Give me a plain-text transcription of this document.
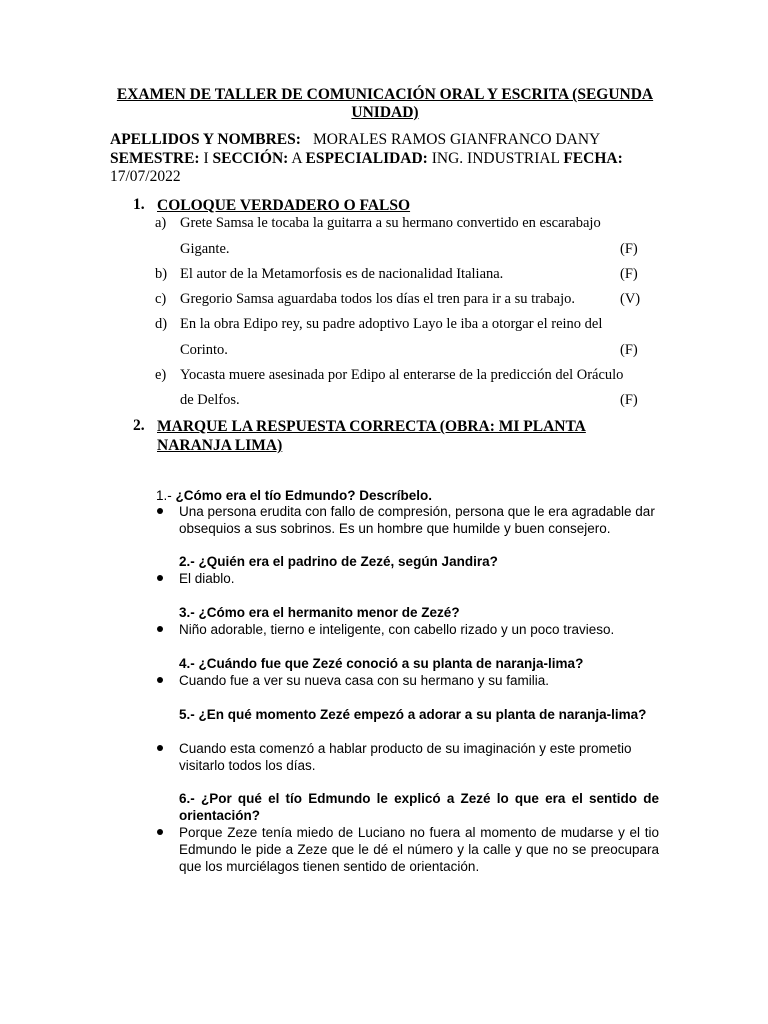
EXAMEN DE TALLER DE COMUNICACIÓN ORAL Y ESCRITA (SEGUNDA UNIDAD)
APELLIDOS Y NOMBRES: MORALES RAMOS GIANFRANCO DANY
SEMESTRE: I SECCIÓN: A ESPECIALIDAD: ING. INDUSTRIAL FECHA:
17/07/2022
1. COLOQUE VERDADERO O FALSO
a) Grete Samsa le tocaba la guitarra a su hermano convertido en escarabajo
Gigante.	(F)
b) El autor de la Metamorfosis es de nacionalidad Italiana.	(F)
c) Gregorio Samsa aguardaba todos los días el tren para ir a su trabajo.	(V)
d) En la obra Edipo rey, su padre adoptivo Layo le iba a otorgar el reino del
Corinto.	(F)
e) Yocasta muere asesinada por Edipo al enterarse de la predicción del Oráculo
de Delfos.	(F)
2. MARQUE LA RESPUESTA CORRECTA (OBRA: MI PLANTA
NARANJA LIMA)
1.- ¿Cómo era el tío Edmundo? Descríbelo.
Una persona erudita con fallo de compresión, persona que le era agradable dar obsequios a sus sobrinos. Es un hombre que humilde y buen consejero.
2.- ¿Quién era el padrino de Zezé, según Jandira?
El diablo.
3.- ¿Cómo era el hermanito menor de Zezé?
Niño adorable, tierno e inteligente, con cabello rizado y un poco travieso.
4.- ¿Cuándo fue que Zezé conoció a su planta de naranja-lima?
Cuando fue a ver su nueva casa con su hermano y su familia.
5.- ¿En qué momento Zezé empezó a adorar a su planta de naranja-lima?
Cuando esta comenzó a hablar producto de su imaginación y este prometio visitarlo todos los días.
6.- ¿Por qué el tío Edmundo le explicó a Zezé lo que era el sentido de orientación?
Porque Zeze tenía miedo de Luciano no fuera al momento de mudarse y el tio Edmundo le pide a Zeze que le dé el número y la calle y que no se preocupara que los murciélagos tienen sentido de orientación.
